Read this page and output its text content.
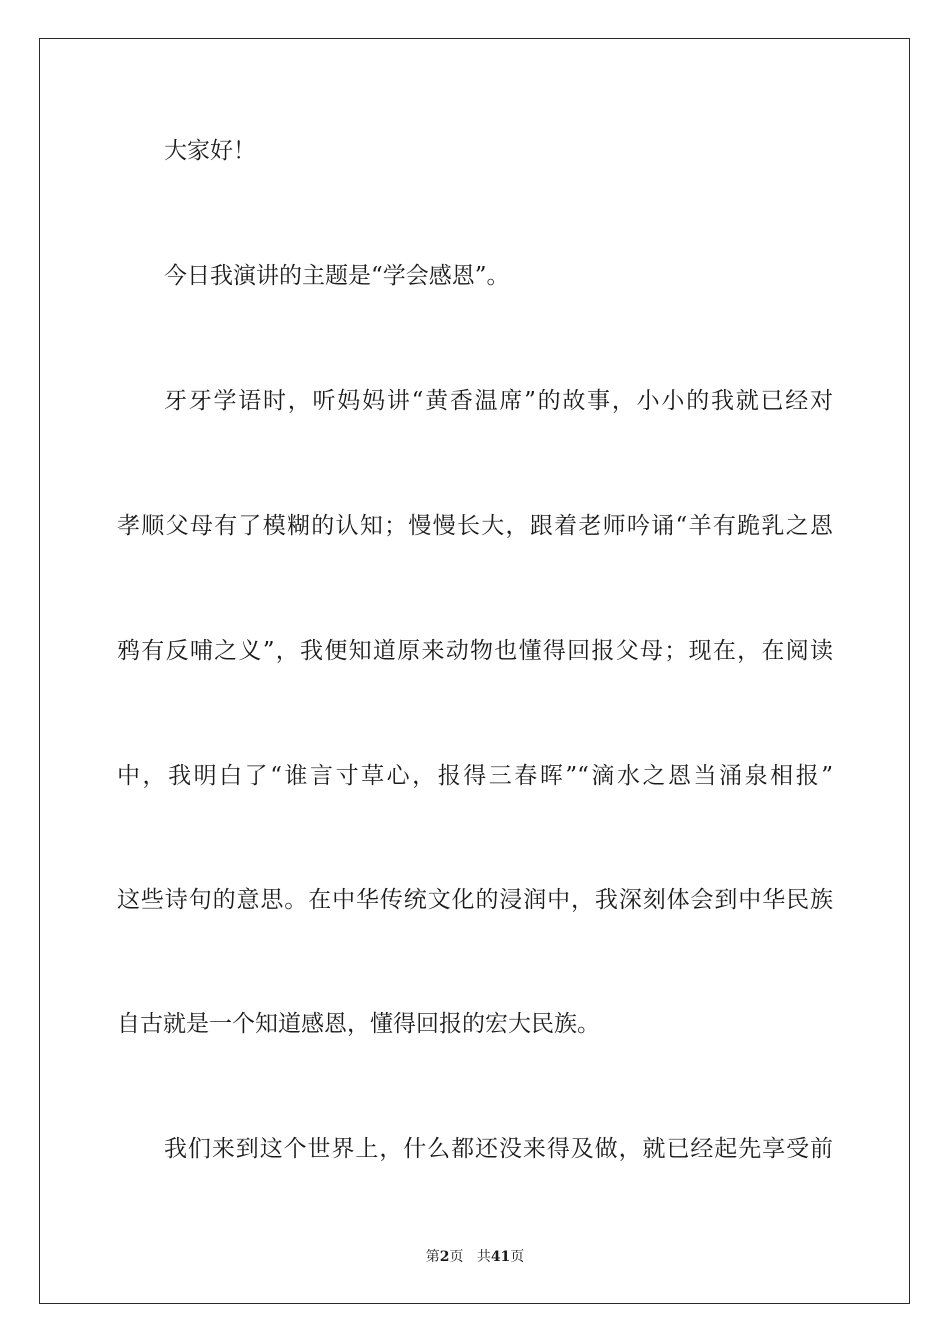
大家好！

今日我演讲的主题是“学会感恩”。

牙牙学语时，听妈妈讲“黄香温席”的故事，小小的我就已经对

孝顺父母有了模糊的认知；慢慢长大，跟着老师吟诵“羊有跪乳之恩

鸦有反哺之义”，我便知道原来动物也懂得回报父母；现在，在阅读

中，我明白了“谁言寸草心，报得三春晖”“滴水之恩当涌泉相报”

这些诗句的意思。在中华传统文化的浸润中，我深刻体会到中华民族

自古就是一个知道感恩，懂得回报的宏大民族。

我们来到这个世界上，什么都还没来得及做，就已经起先享受前

第2页 共41页
